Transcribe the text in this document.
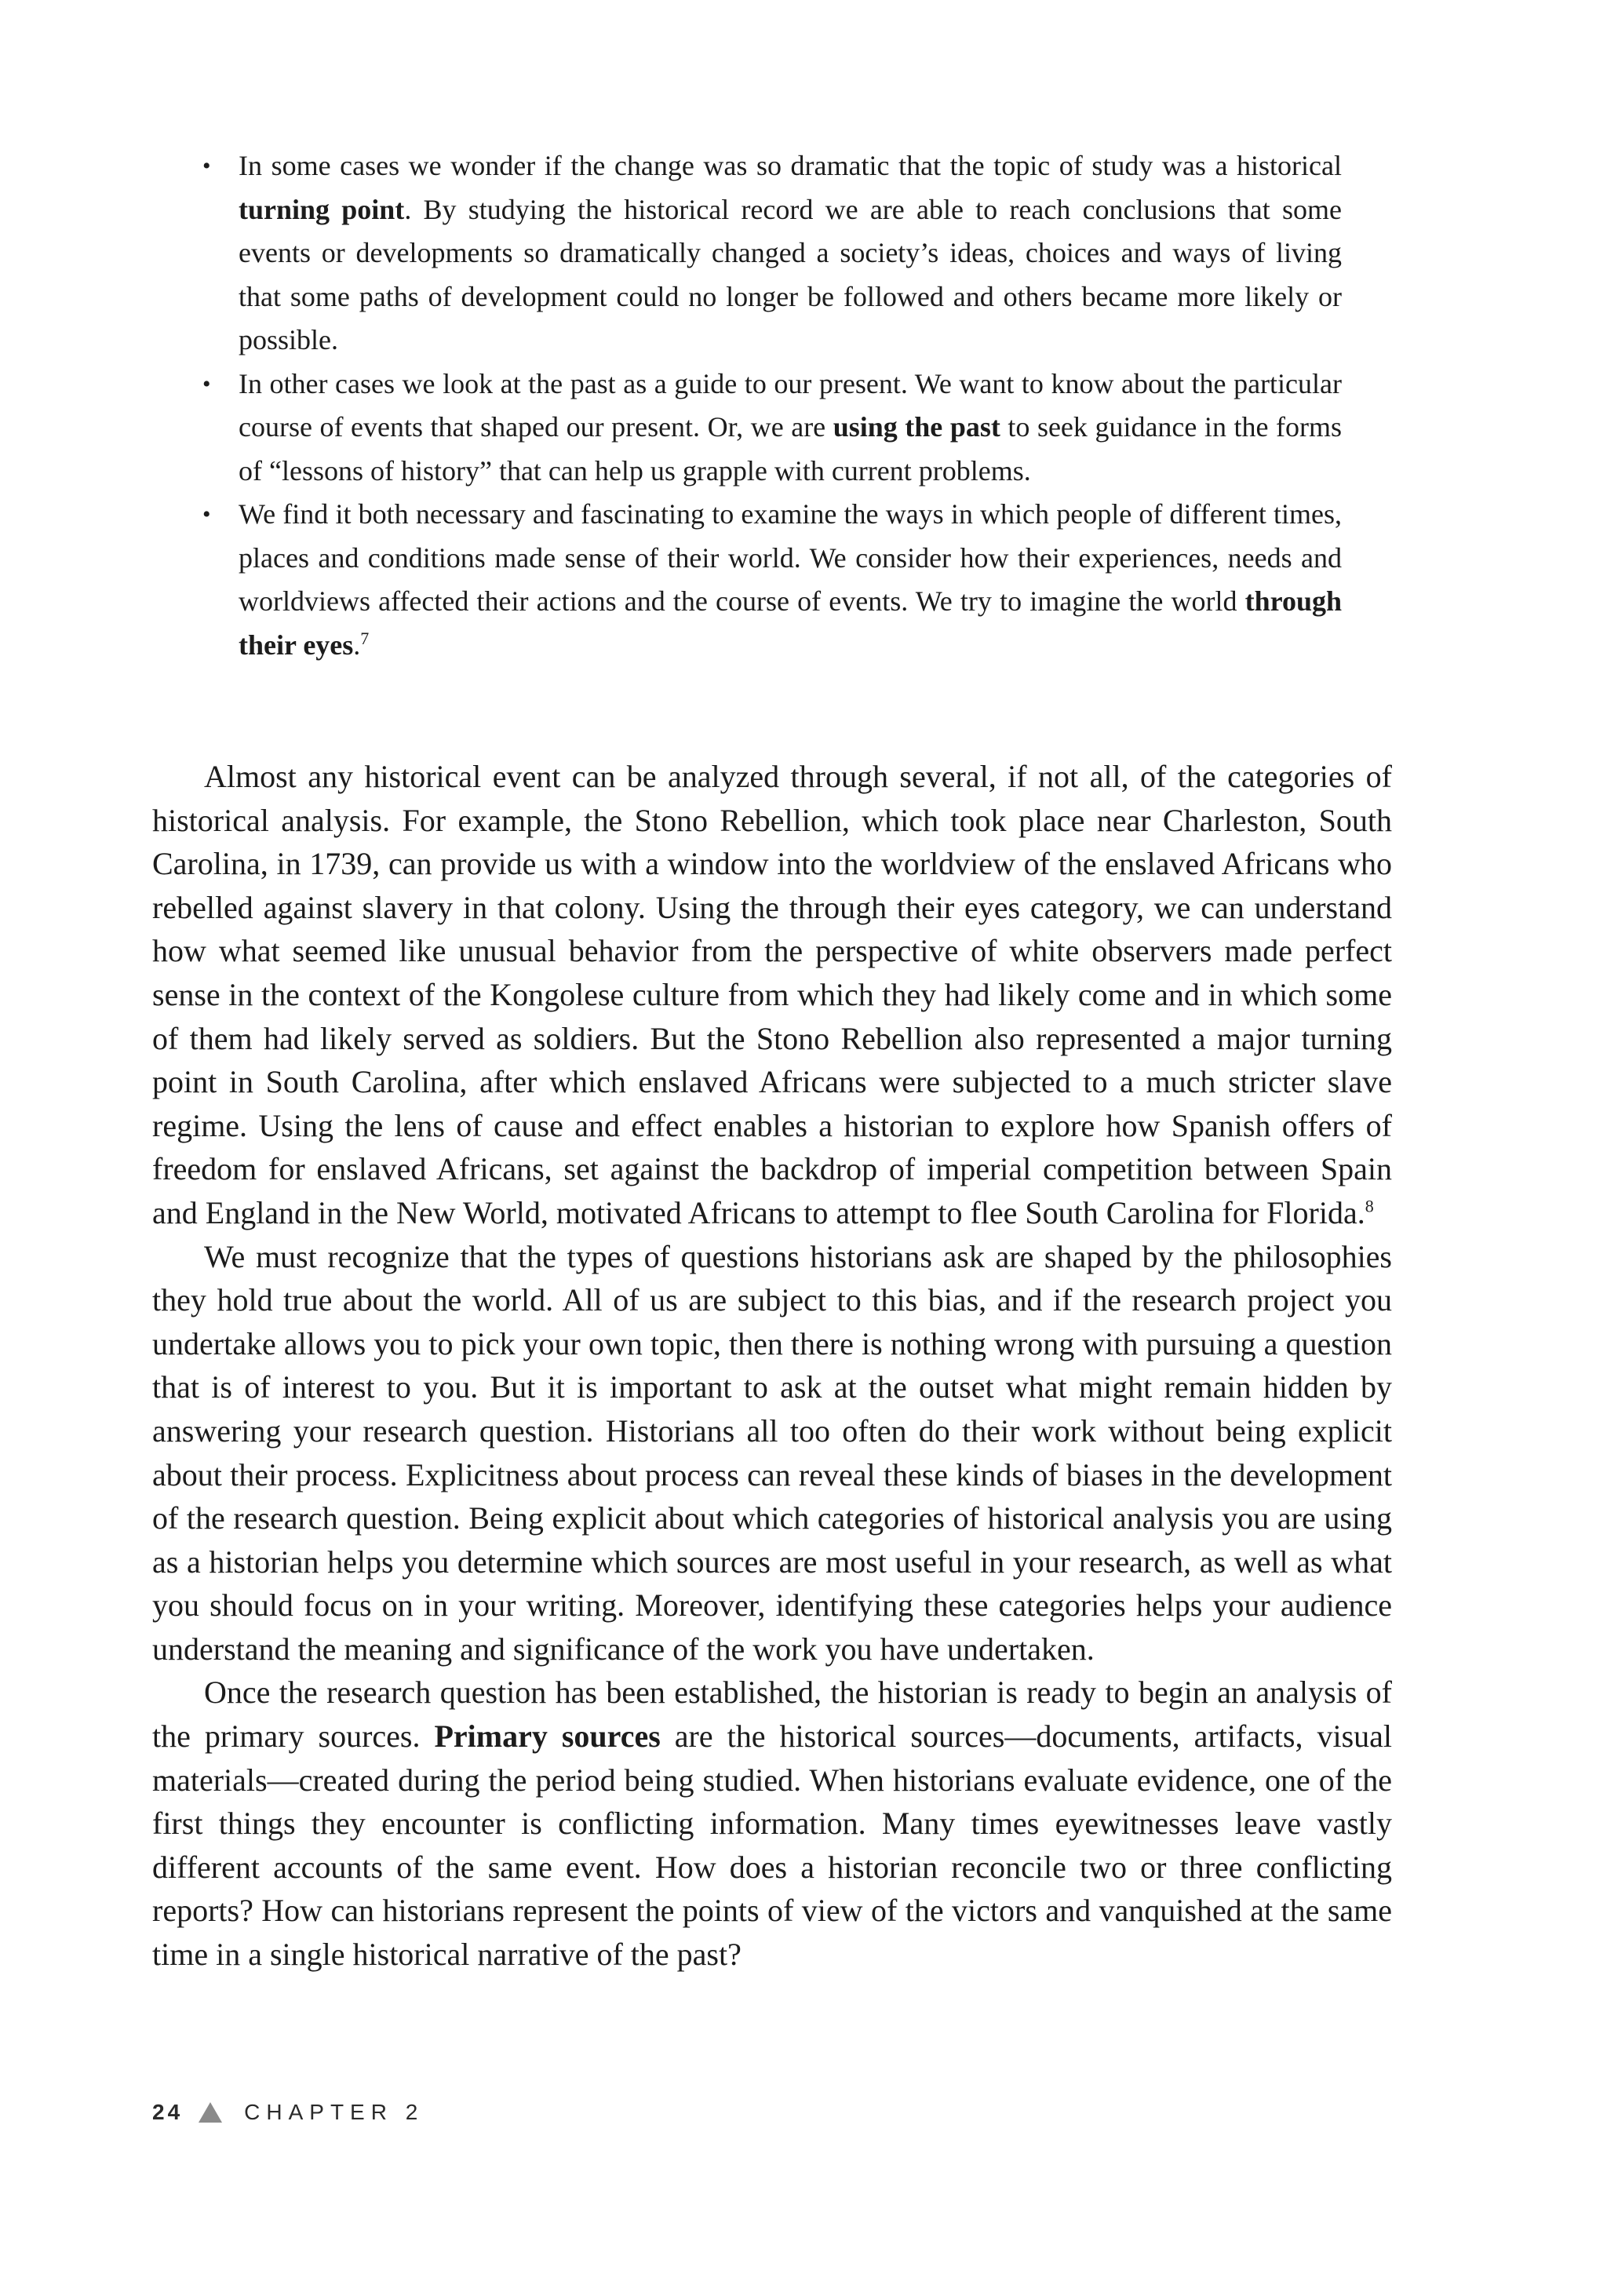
• In some cases we wonder if the change was so dramatic that the topic of study was a historical turning point. By studying the historical record we are able to reach conclusions that some events or developments so dramatically changed a society’s ideas, choices and ways of living that some paths of development could no longer be followed and others became more likely or possible.
• In other cases we look at the past as a guide to our present. We want to know about the particular course of events that shaped our present. Or, we are using the past to seek guidance in the forms of “lessons of history” that can help us grapple with current problems.
• We find it both necessary and fascinating to examine the ways in which people of different times, places and conditions made sense of their world. We consider how their experiences, needs and worldviews affected their actions and the course of events. We try to imagine the world through their eyes.$^7$

Almost any historical event can be analyzed through several, if not all, of the categories of historical analysis. For example, the Stono Rebellion, which took place near Charleston, South Carolina, in 1739, can provide us with a window into the worldview of the enslaved Africans who rebelled against slavery in that colony. Using the through their eyes category, we can understand how what seemed like unusual behavior from the perspective of white observers made perfect sense in the context of the Kongolese culture from which they had likely come and in which some of them had likely served as soldiers. But the Stono Rebellion also represented a major turning point in South Carolina, after which enslaved Africans were subjected to a much stricter slave regime. Using the lens of cause and effect enables a historian to explore how Spanish offers of freedom for enslaved Africans, set against the backdrop of imperial competition between Spain and England in the New World, motivated Africans to attempt to flee South Carolina for Florida.$^8$

We must recognize that the types of questions historians ask are shaped by the philosophies they hold true about the world. All of us are subject to this bias, and if the research project you undertake allows you to pick your own topic, then there is nothing wrong with pursuing a question that is of interest to you. But it is important to ask at the outset what might remain hidden by answering your research question. Historians all too often do their work without being explicit about their process. Explicitness about process can reveal these kinds of biases in the development of the research question. Being explicit about which categories of historical analysis you are using as a historian helps you determine which sources are most useful in your research, as well as what you should focus on in your writing. Moreover, identifying these categories helps your audience understand the meaning and significance of the work you have undertaken.

Once the research question has been established, the historian is ready to begin an analysis of the primary sources. Primary sources are the historical sources—documents, artifacts, visual materials—created during the period being studied. When historians evaluate evidence, one of the first things they encounter is conflicting information. Many times eyewitnesses leave vastly different accounts of the same event. How does a historian reconcile two or three conflicting reports? How can historians represent the points of view of the victors and vanquished at the same time in a single historical narrative of the past?

24	CHAPTER 2
